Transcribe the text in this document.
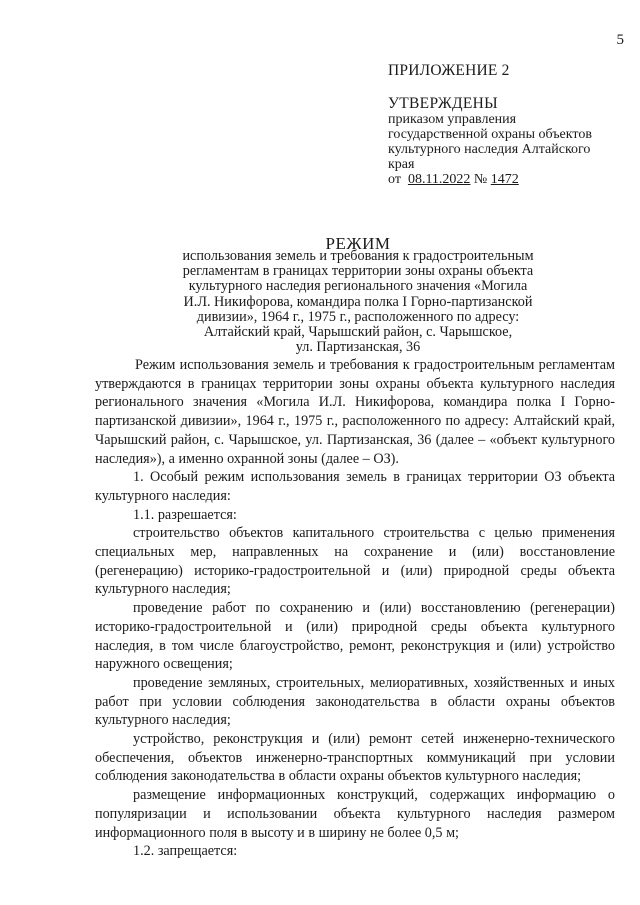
5
ПРИЛОЖЕНИЕ 2
УТВЕРЖДЕНЫ
приказом управления
государственной охраны объектов
культурного наследия Алтайского
края
от 08.11.2022 № 1472
РЕЖИМ
использования земель и требования к градостроительным
регламентам в границах территории зоны охраны объекта
культурного наследия регионального значения «Могила
И.Л. Никифорова, командира полка I Горно-партизанской
дивизии», 1964 г., 1975 г., расположенного по адресу:
Алтайский край, Чарышский район, с. Чарышское,
ул. Партизанская, 36

Режим использования земель и требования к градостроительным регламентам утверждаются в границах территории зоны охраны объекта культурного наследия регионального значения «Могила И.Л. Никифорова, командира полка I Горно-партизанской дивизии», 1964 г., 1975 г., расположенного по адресу: Алтайский край, Чарышский район, с. Чарышское, ул. Партизанская, 36 (далее – «объект культурного наследия»), а именно охранной зоны (далее – ОЗ).

1. Особый режим использования земель в границах территории ОЗ объекта культурного наследия:

1.1. разрешается:

строительство объектов капитального строительства с целью применения специальных мер, направленных на сохранение и (или) восстановление (регенерацию) историко-градостроительной и (или) природной среды объекта культурного наследия;

проведение работ по сохранению и (или) восстановлению (регенерации) историко-градостроительной и (или) природной среды объекта культурного наследия, в том числе благоустройство, ремонт, реконструкция и (или) устройство наружного освещения;

проведение земляных, строительных, мелиоративных, хозяйственных и иных работ при условии соблюдения законодательства в области охраны объектов культурного наследия;

устройство, реконструкция и (или) ремонт сетей инженерно-технического обеспечения, объектов инженерно-транспортных коммуникаций при условии соблюдения законодательства в области охраны объектов культурного наследия;

размещение информационных конструкций, содержащих информацию о популяризации и использовании объекта культурного наследия размером информационного поля в высоту и в ширину не более 0,5 м;

1.2. запрещается:
